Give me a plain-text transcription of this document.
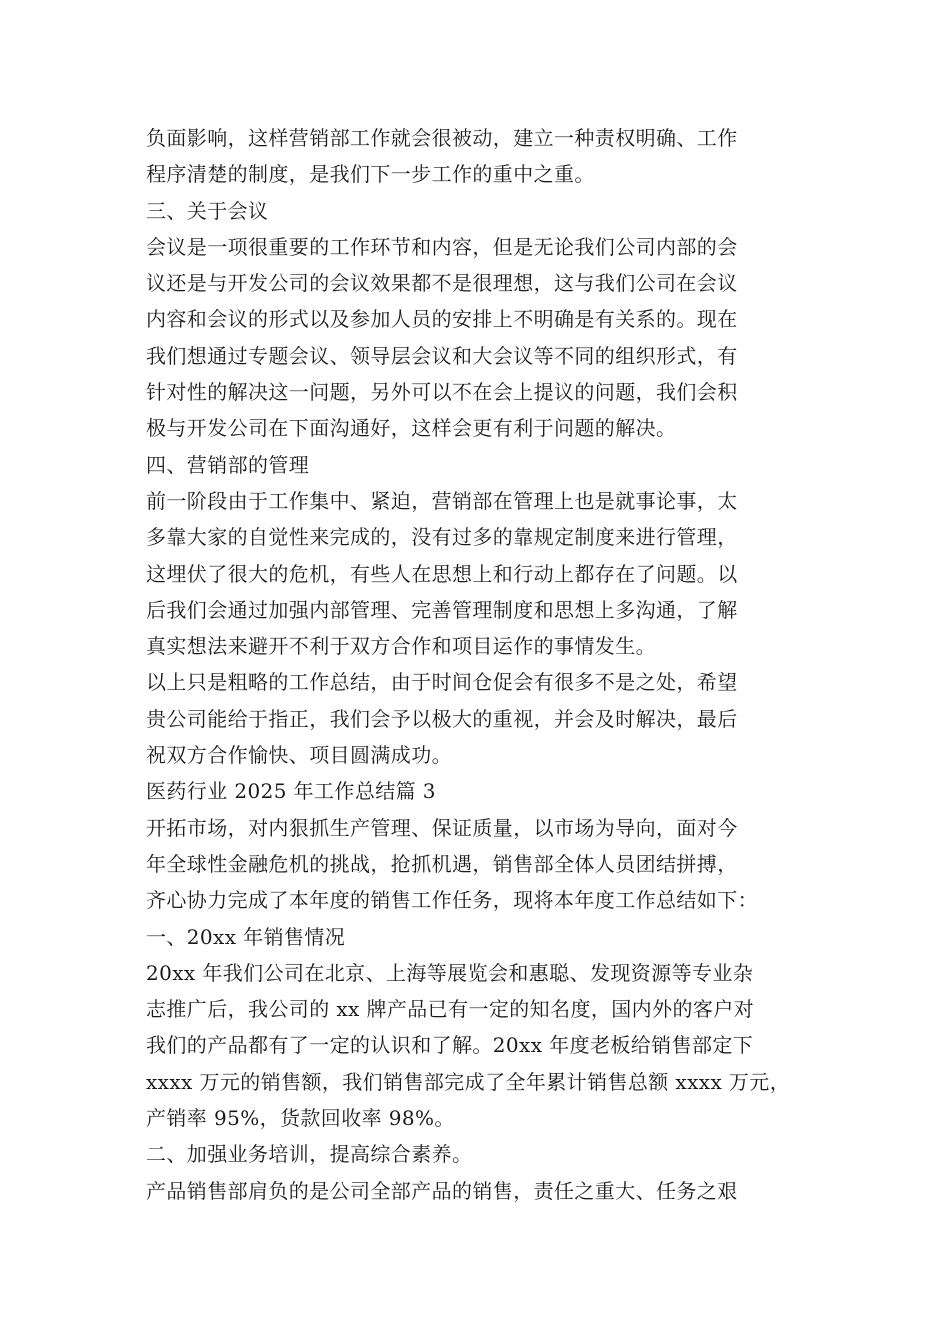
负面影响，这样营销部工作就会很被动，建立一种责权明确、工作
程序清楚的制度，是我们下一步工作的重中之重。
三、关于会议
会议是一项很重要的工作环节和内容，但是无论我们公司内部的会
议还是与开发公司的会议效果都不是很理想，这与我们公司在会议
内容和会议的形式以及参加人员的安排上不明确是有关系的。现在
我们想通过专题会议、领导层会议和大会议等不同的组织形式，有
针对性的解决这一问题，另外可以不在会上提议的问题，我们会积
极与开发公司在下面沟通好，这样会更有利于问题的解决。
四、营销部的管理
前一阶段由于工作集中、紧迫，营销部在管理上也是就事论事，太
多靠大家的自觉性来完成的，没有过多的靠规定制度来进行管理，
这埋伏了很大的危机，有些人在思想上和行动上都存在了问题。以
后我们会通过加强内部管理、完善管理制度和思想上多沟通，了解
真实想法来避开不利于双方合作和项目运作的事情发生。
以上只是粗略的工作总结，由于时间仓促会有很多不是之处，希望
贵公司能给于指正，我们会予以极大的重视，并会及时解决，最后
祝双方合作愉快、项目圆满成功。
医药行业 2025 年工作总结篇 3
开拓市场，对内狠抓生产管理、保证质量，以市场为导向，面对今
年全球性金融危机的挑战，抢抓机遇，销售部全体人员团结拼搏，
齐心协力完成了本年度的销售工作任务，现将本年度工作总结如下：
一、20xx 年销售情况
20xx 年我们公司在北京、上海等展览会和惠聪、发现资源等专业杂
志推广后，我公司的 xx 牌产品已有一定的知名度，国内外的客户对
我们的产品都有了一定的认识和了解。20xx 年度老板给销售部定下
xxxx 万元的销售额，我们销售部完成了全年累计销售总额 xxxx 万元，
产销率 95%，货款回收率 98%。
二、加强业务培训，提高综合素养。
产品销售部肩负的是公司全部产品的销售，责任之重大、任务之艰
